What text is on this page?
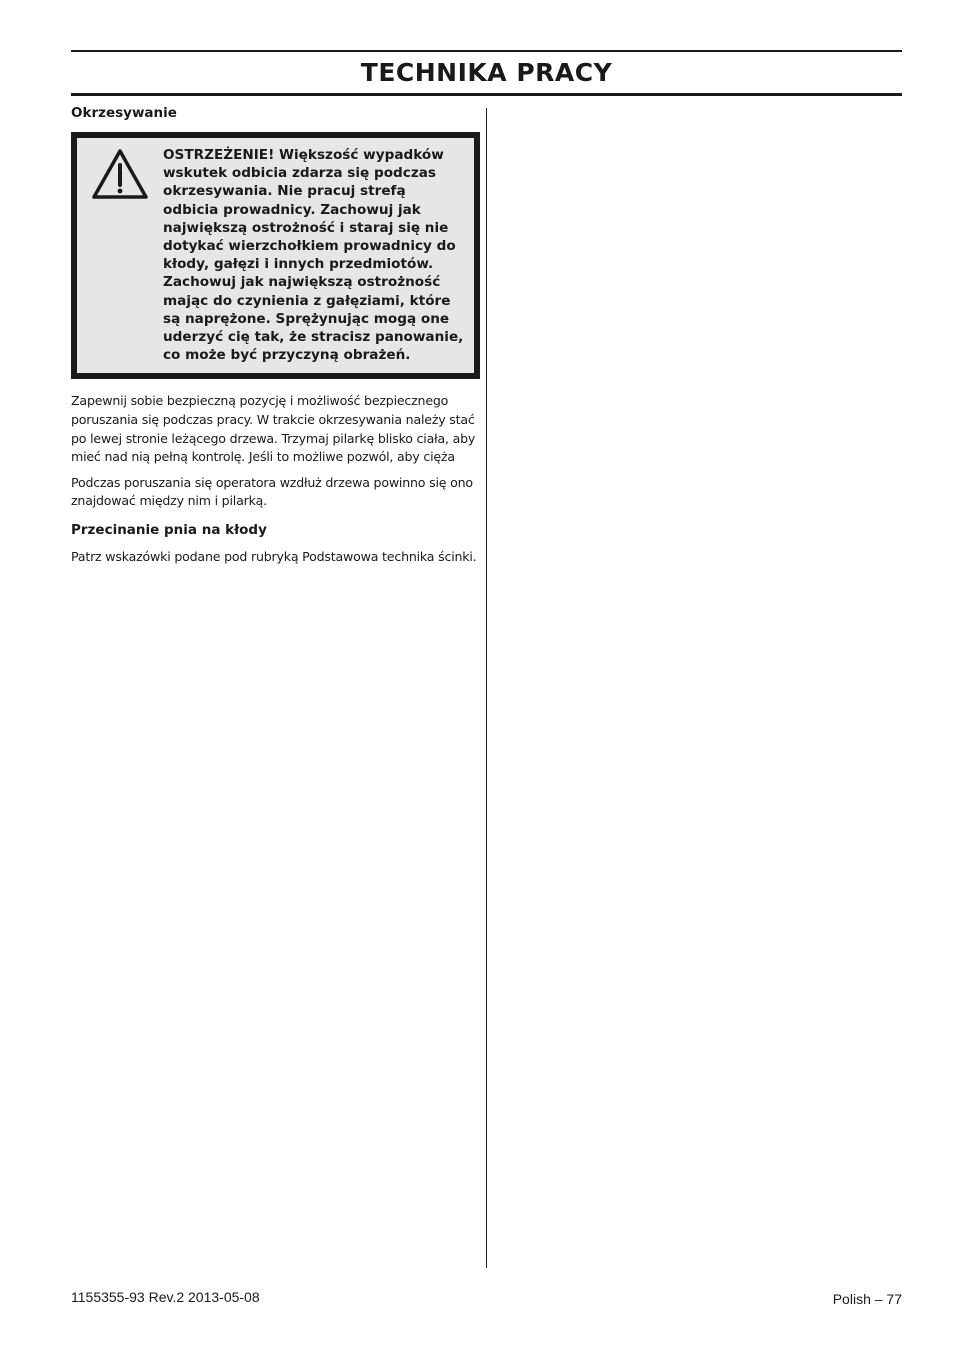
TECHNIKA PRACY
Okrzesywanie

OSTRZEŻENIE! Większość wypadków wskutek odbicia zdarza się podczas okrzesywania. Nie pracuj strefą odbicia prowadnicy. Zachowuj jak największą ostrożność i staraj się nie dotykać wierzchołkiem prowadnicy do kłody, gałęzi i innych przedmiotów. Zachowuj jak największą ostrożność mając do czynienia z gałęziami, które są naprężone. Sprężynując mogą one uderzyć cię tak, że stracisz panowanie, co może być przyczyną obrażeń.

Zapewnij sobie bezpieczną pozycję i możliwość bezpiecznego poruszania się podczas pracy. W trakcie okrzesywania należy stać po lewej stronie leżącego drzewa. Trzymaj pilarkę blisko ciała, aby mieć nad nią pełną kontrolę. Jeśli to możliwe pozwól, aby cięża

Podczas poruszania się operatora wzdłuż drzewa powinno się ono znajdować między nim i pilarką.

Przecinanie pnia na kłody

Patrz wskazówki podane pod rubryką Podstawowa technika ścinki.

1155355-93 Rev.2 2013-05-08	Polish – 77
